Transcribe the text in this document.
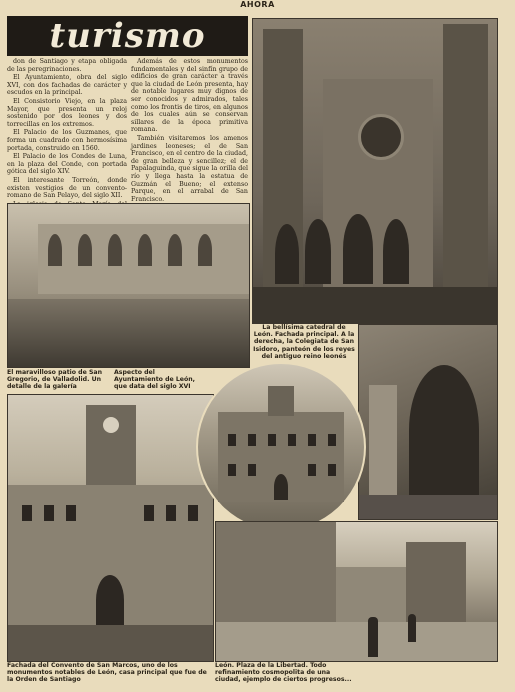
AHORA
turismo

don de Santiago y etapa obligada de las peregrinaciones.

El Ayuntamiento, obra del siglo XVI, con dos fachadas de carácter y escudos en la principal.

El Consistorio Viejo, en la plaza Mayor, que presenta un reloj sostenido por dos leones y dos torrecillas en los extremos.

El Palacio de los Guzmanes, que forma un cuadrado con hermosísima portada, construido en 1560.

El Palacio de los Condes de Luna, en la plaza del Conde, con portada gótica del siglo XIV.

El interesante Torreón, donde existen vestigios de un convento-romano de San Pelayo, del siglo XII.

Además de estos monumentos fundamentales y del sinfín grupo de edificios de gran carácter a través que la ciudad de León presenta, hay de notable lugares muy dignos de ser conocidos y admirados, tales como los frontis de tiros, en algunos de los cuales aún se conservan sillares de la época primitiva romana.

También visitaremos los amenos jardines leoneses; el de San Francisco, en el centro de la ciudad, de gran belleza y sencillez; el de Papalaguinda, que sigue la orilla del río y llega hasta la estatua de Guzmán el Bueno; el extenso Parque, en el arrabal de San Francisco.

La bellísima catedral de León. Fachada principal. A la derecha, la Colegiata de San Isidoro, panteón de los reyes del antiguo reino leonés
El maravilloso patio de San Gregorio, de Valladolid. Un detalle de la galería
Aspecto del Ayuntamiento de León, que data del siglo XVI
Fachada del Convento de San Marcos, uno de los monumentos notables de León, casa principal que fue de la Orden de Santiago
León. Plaza de la Libertad. Todo refinamiento cosmopolita de una ciudad, ejemplo de ciertos progresos...
